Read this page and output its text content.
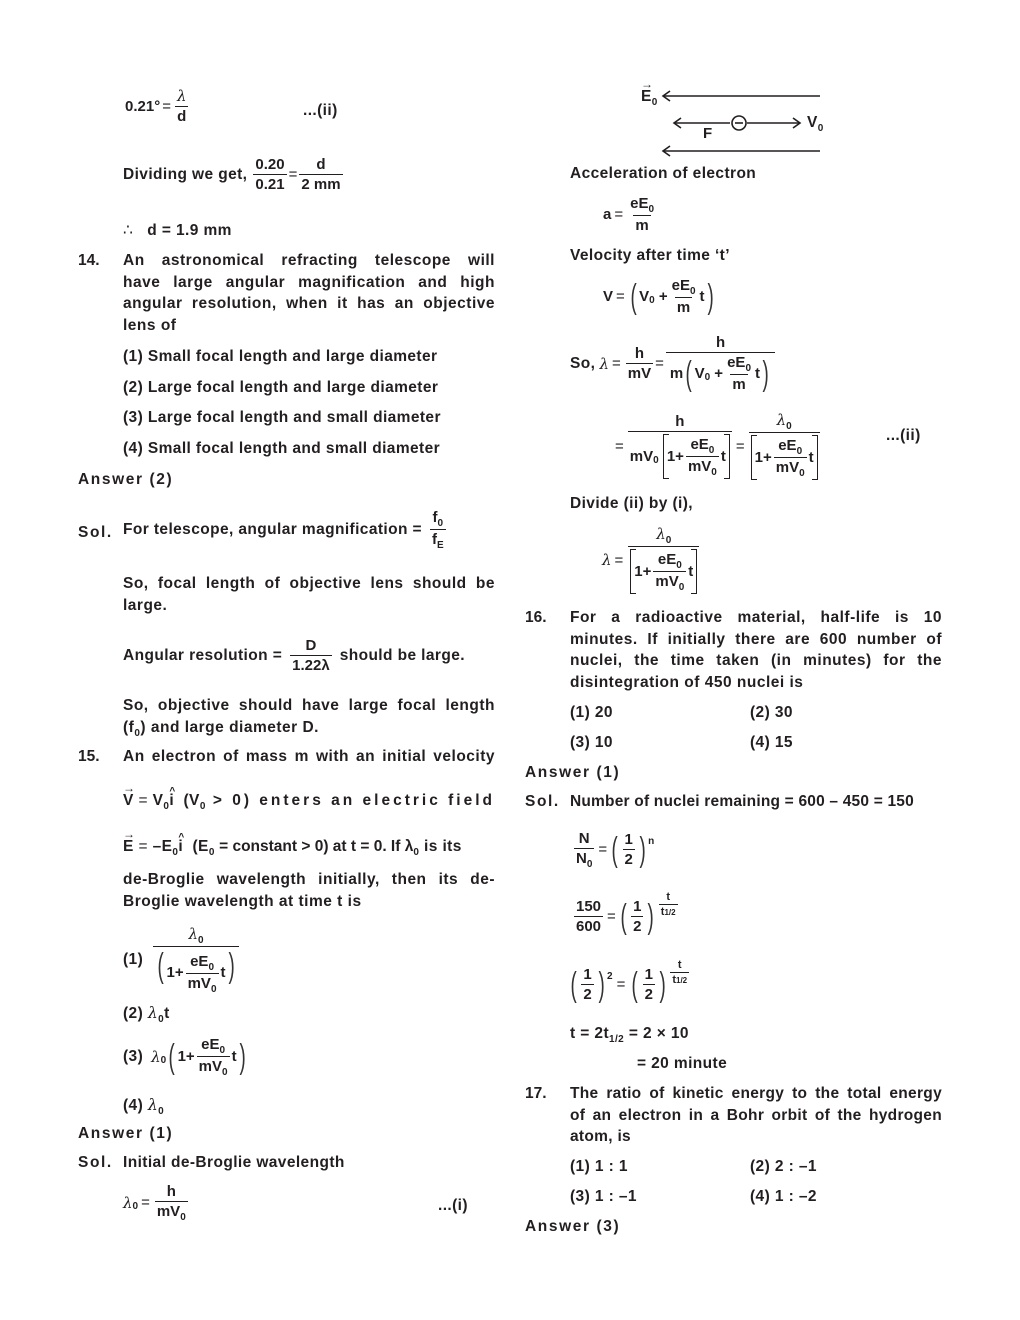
$0.21^\circ = \frac{\lambda}{d}$	...(ii)
Dividing we get, $\frac{0.20}{0.21} = \frac{d}{2 mm}$
∴ d = 1.9 mm
14. An astronomical refracting telescope will
have large angular magnification and high
angular resolution, when it has an objective
lens of
(1) Small focal length and large diameter
(2) Large focal length and large diameter
(3) Large focal length and small diameter
(4) Small focal length and small diameter
Answer (2)
Sol. For telescope, angular magnification = $\frac{f_0}{f_E}$
So, focal length of objective lens should be
large.
Angular resolution = $\frac{D}{1.22\lambda}$ should be large.
So, objective should have large focal length
$(f_0)$ and large diameter D.
15. An electron of mass m with an initial velocity
→ $V = V_0\^{}$ i $(V_0 > 0)$ enters an electric field
→ $E = -E_0\^{}$ i ($E_0$ = constant > 0) at t = 0. If $\lambda_0$ is its
de-Broglie wavelength initially, then its de-
Broglie wavelength at time t is
$(1) \frac{\lambda_0}{( 1+ \frac{eE_0}{mV_0} t)}$
(2) $\lambda_0t$
(3) λ 0 ( $1+ \frac{eE_0}{mV_0}$ t )
(4) $\lambda_0$
Answer (1)
Sol. Initial de-Broglie wavelength
λ $0 = \frac{h}{mV_0}$	...(i)
→ $E_0$
F
$V_0$
Acceleration of electron
$a = \frac{eE_0}{m}$
Velocity after time ‘t’
V = ( V $0 + \frac{eE_0}{m}$ t )
So,
$\lambda = \frac{h}{mV} = \frac{h}{m ( V 0 + \frac{eE_0}{m} t )}$
= h
mV 0
$1+ \frac{eE_0}{mV_0}$ $t = \frac{\lambda_0}{1+ \frac{eE_0}{mV_0} t}$	...(ii)
Divide (ii) by (i),
$\lambda = \frac{\lambda_0}{1+ \frac{eE_0}{mV_0} t}$
16. For a radioactive material, half-life is 10
minutes. If initially there are 600 number of
nuclei, the time taken (in minutes) for the
disintegration of 450 nuclei is
(1) 20	(2) 30
(3) 10	(4) 15
Answer (1)
Sol. Number of nuclei remaining = 600 – 450 = 150
$\frac{N}{N_0}$ = ( $\frac{1}{2}$ ) n
$\frac{150}{600}$ = ( $\frac{1}{2}$ ) $\frac{t}{t1/2}$
( $\frac{1}{2}$ ) 2 = ( $\frac{1}{2}$ ) $\frac{t}{t1/2}$
$t = 2t_{1/2} = 2 \times 10$
= 20 minute
17. The ratio of kinetic energy to the total energy
of an electron in a Bohr orbit of the hydrogen
atom, is
(1) 1 : 1	(2) 2 : –1
(3) 1 : –1	(4) 1 : –2
Answer (3)
